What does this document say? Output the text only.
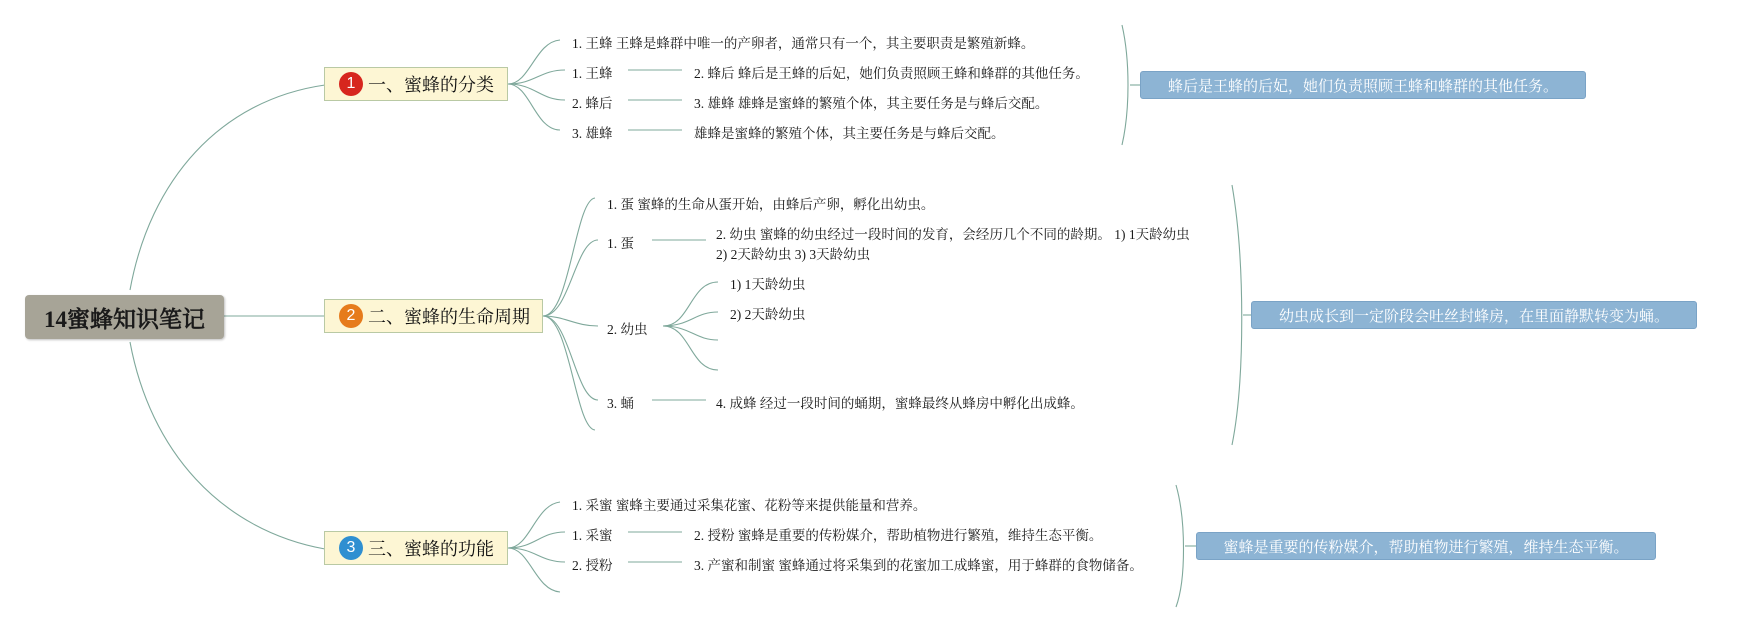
14蜜蜂知识笔记
1 一、蜜蜂的分类
1. 王蜂 王蜂是蜂群中唯一的产卵者，通常只有一个，其主要职责是繁殖新蜂。
1. 王蜂
2. 蜂后
3. 雄蜂
2. 蜂后 蜂后是王蜂的后妃，她们负责照顾王蜂和蜂群的其他任务。
3. 雄蜂 雄蜂是蜜蜂的繁殖个体，其主要任务是与蜂后交配。
雄蜂是蜜蜂的繁殖个体，其主要任务是与蜂后交配。
蜂后是王蜂的后妃，她们负责照顾王蜂和蜂群的其他任务。
2 二、蜜蜂的生命周期
1. 蛋 蜜蜂的生命从蛋开始，由蜂后产卵，孵化出幼虫。
1. 蛋
2. 幼虫
3. 蛹
2. 幼虫 蜜蜂的幼虫经过一段时间的发育，会经历几个不同的龄期。 1) 1天龄幼虫
2) 2天龄幼虫 3) 3天龄幼虫
1) 1天龄幼虫
2) 2天龄幼虫
4. 成蜂 经过一段时间的蛹期，蜜蜂最终从蜂房中孵化出成蜂。
幼虫成长到一定阶段会吐丝封蜂房，在里面静默转变为蛹。
3 三、蜜蜂的功能
1. 采蜜 蜜蜂主要通过采集花蜜、花粉等来提供能量和营养。
1. 采蜜
2. 授粉
2. 授粉 蜜蜂是重要的传粉媒介，帮助植物进行繁殖，维持生态平衡。
3. 产蜜和制蜜 蜜蜂通过将采集到的花蜜加工成蜂蜜，用于蜂群的食物储备。
蜜蜂是重要的传粉媒介，帮助植物进行繁殖，维持生态平衡。
